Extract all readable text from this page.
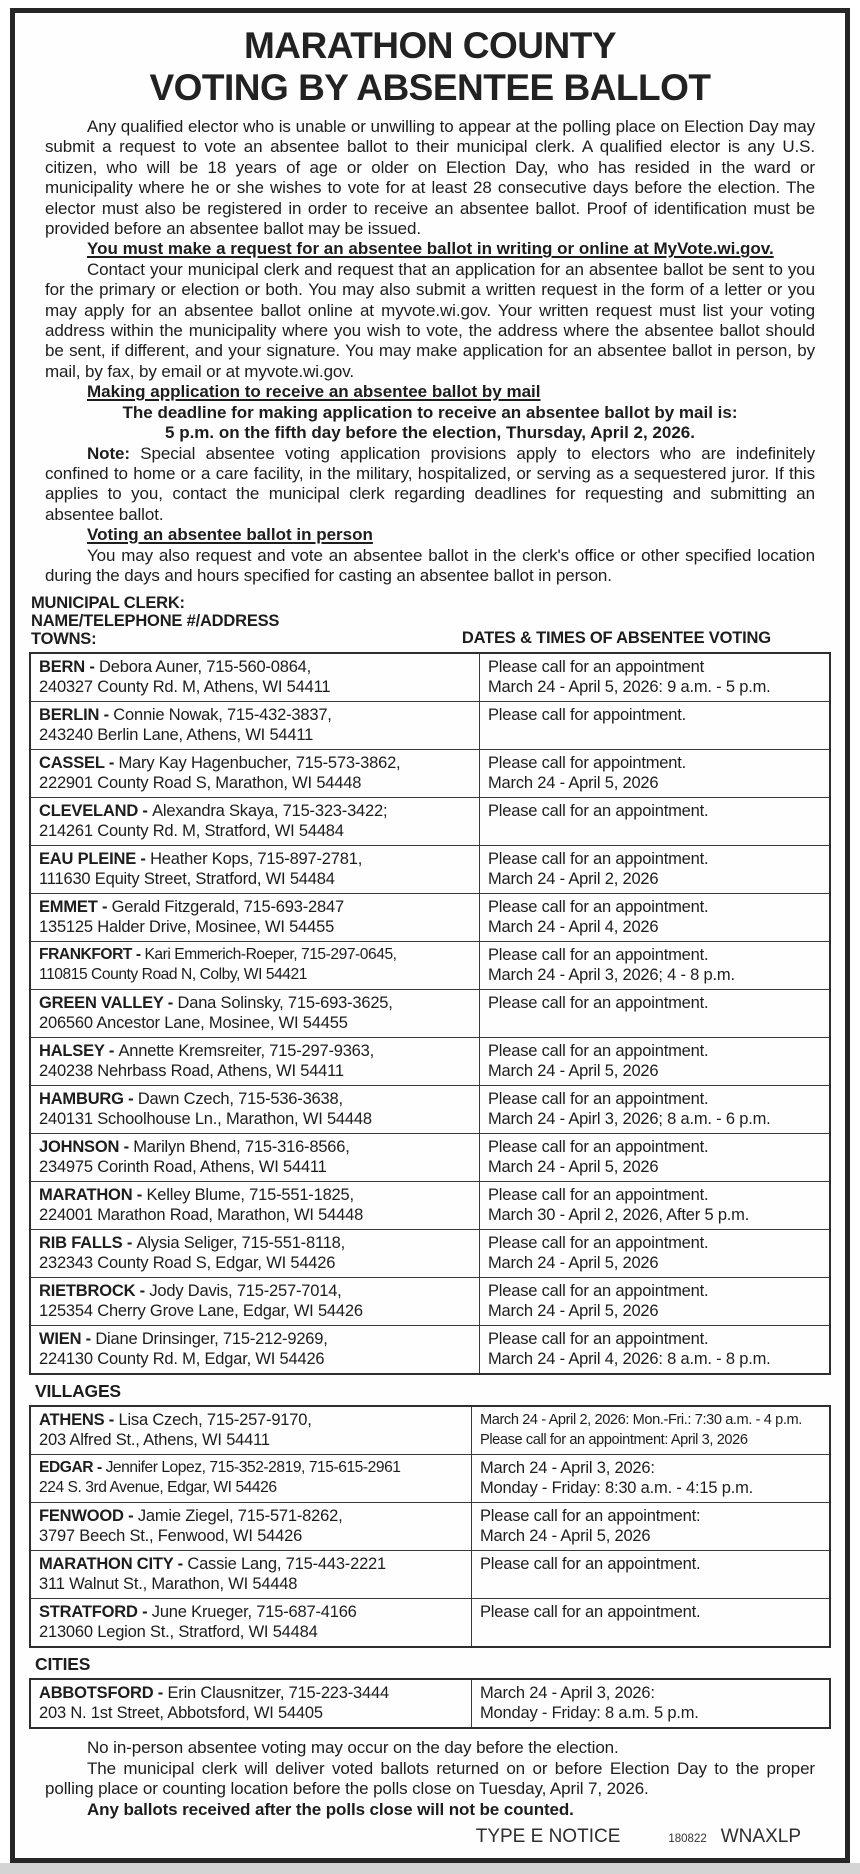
MARATHON COUNTY
VOTING BY ABSENTEE BALLOT

Any qualified elector who is unable or unwilling to appear at the polling place on Election Day may submit a request to vote an absentee ballot to their municipal clerk. A qualified elector is any U.S. citizen, who will be 18 years of age or older on Election Day, who has resided in the ward or municipality where he or she wishes to vote for at least 28 consecutive days before the election. The elector must also be registered in order to receive an absentee ballot. Proof of identification must be provided before an absentee ballot may be issued.

You must make a request for an absentee ballot in writing or online at MyVote.wi.gov.

Contact your municipal clerk and request that an application for an absentee ballot be sent to you for the primary or election or both. You may also submit a written request in the form of a letter or you may apply for an absentee ballot online at myvote.wi.gov. Your written request must list your voting address within the municipality where you wish to vote, the address where the absentee ballot should be sent, if different, and your signature. You may make application for an absentee ballot in person, by mail, by fax, by email or at myvote.wi.gov.

Making application to receive an absentee ballot by mail

The deadline for making application to receive an absentee ballot by mail is:

5 p.m. on the fifth day before the election, Thursday, April 2, 2026.

Note: Special absentee voting application provisions apply to electors who are indefinitely confined to home or a care facility, in the military, hospitalized, or serving as a sequestered juror. If this applies to you, contact the municipal clerk regarding deadlines for requesting and submitting an absentee ballot.

Voting an absentee ballot in person

You may also request and vote an absentee ballot in the clerk's office or other specified location during the days and hours specified for casting an absentee ballot in person.

MUNICIPAL CLERK:
NAME/TELEPHONE #/ADDRESS
TOWNS:	DATES & TIMES OF ABSENTEE VOTING
BERN - Debora Auner, 715-560-0864,
240327 County Rd. M, Athens, WI 54411	Please call for an appointment
March 24 - April 5, 2026: 9 a.m. - 5 p.m.
BERLIN - Connie Nowak, 715-432-3837,
243240 Berlin Lane, Athens, WI 54411	Please call for appointment.
CASSEL - Mary Kay Hagenbucher, 715-573-3862,
222901 County Road S, Marathon, WI 54448	Please call for appointment.
March 24 - April 5, 2026
CLEVELAND - Alexandra Skaya, 715-323-3422;
214261 County Rd. M, Stratford, WI 54484	Please call for an appointment.
EAU PLEINE - Heather Kops, 715-897-2781,
111630 Equity Street, Stratford, WI 54484	Please call for an appointment.
March 24 - April 2, 2026
EMMET - Gerald Fitzgerald, 715-693-2847
135125 Halder Drive, Mosinee, WI 54455	Please call for an appointment.
March 24 - April 4, 2026
FRANKFORT - Kari Emmerich-Roeper, 715-297-0645,
110815 County Road N, Colby, WI 54421	Please call for an appointment.
March 24 - April 3, 2026; 4 - 8 p.m.
GREEN VALLEY - Dana Solinsky, 715-693-3625,
206560 Ancestor Lane, Mosinee, WI 54455	Please call for an appointment.
HALSEY - Annette Kremsreiter, 715-297-9363,
240238 Nehrbass Road, Athens, WI 54411	Please call for an appointment.
March 24 - April 5, 2026
HAMBURG - Dawn Czech, 715-536-3638,
240131 Schoolhouse Ln., Marathon, WI 54448	Please call for an appointment.
March 24 - Apirl 3, 2026; 8 a.m. - 6 p.m.
JOHNSON - Marilyn Bhend, 715-316-8566,
234975 Corinth Road, Athens, WI 54411	Please call for an appointment.
March 24 - April 5, 2026
MARATHON - Kelley Blume, 715-551-1825,
224001 Marathon Road, Marathon, WI 54448	Please call for an appointment.
March 30 - April 2, 2026, After 5 p.m.
RIB FALLS - Alysia Seliger, 715-551-8118,
232343 County Road S, Edgar, WI 54426	Please call for an appointment.
March 24 - April 5, 2026
RIETBROCK - Jody Davis, 715-257-7014,
125354 Cherry Grove Lane, Edgar, WI 54426	Please call for an appointment.
March 24 - April 5, 2026
WIEN - Diane Drinsinger, 715-212-9269,
224130 County Rd. M, Edgar, WI 54426	Please call for an appointment.
March 24 - April 4, 2026: 8 a.m. - 8 p.m.
VILLAGES
ATHENS - Lisa Czech, 715-257-9170,
203 Alfred St., Athens, WI 54411	March 24 - April 2, 2026: Mon.-Fri.: 7:30 a.m. - 4 p.m.
Please call for an appointment: April 3, 2026
EDGAR - Jennifer Lopez, 715-352-2819, 715-615-2961
224 S. 3rd Avenue, Edgar, WI 54426	March 24 - April 3, 2026:
Monday - Friday: 8:30 a.m. - 4:15 p.m.
FENWOOD - Jamie Ziegel, 715-571-8262,
3797 Beech St., Fenwood, WI 54426	Please call for an appointment:
March 24 - April 5, 2026
MARATHON CITY - Cassie Lang, 715-443-2221
311 Walnut St., Marathon, WI 54448	Please call for an appointment.
STRATFORD - June Krueger, 715-687-4166
213060 Legion St., Stratford, WI 54484	Please call for an appointment.
CITIES
ABBOTSFORD - Erin Clausnitzer, 715-223-3444
203 N. 1st Street, Abbotsford, WI 54405	March 24 - April 3, 2026:
Monday - Friday: 8 a.m. 5 p.m.

No in-person absentee voting may occur on the day before the election.

The municipal clerk will deliver voted ballots returned on or before Election Day to the proper polling place or counting location before the polls close on Tuesday, April 7, 2026.

Any ballots received after the polls close will not be counted.

TYPE E NOTICE	180822 WNAXLP
